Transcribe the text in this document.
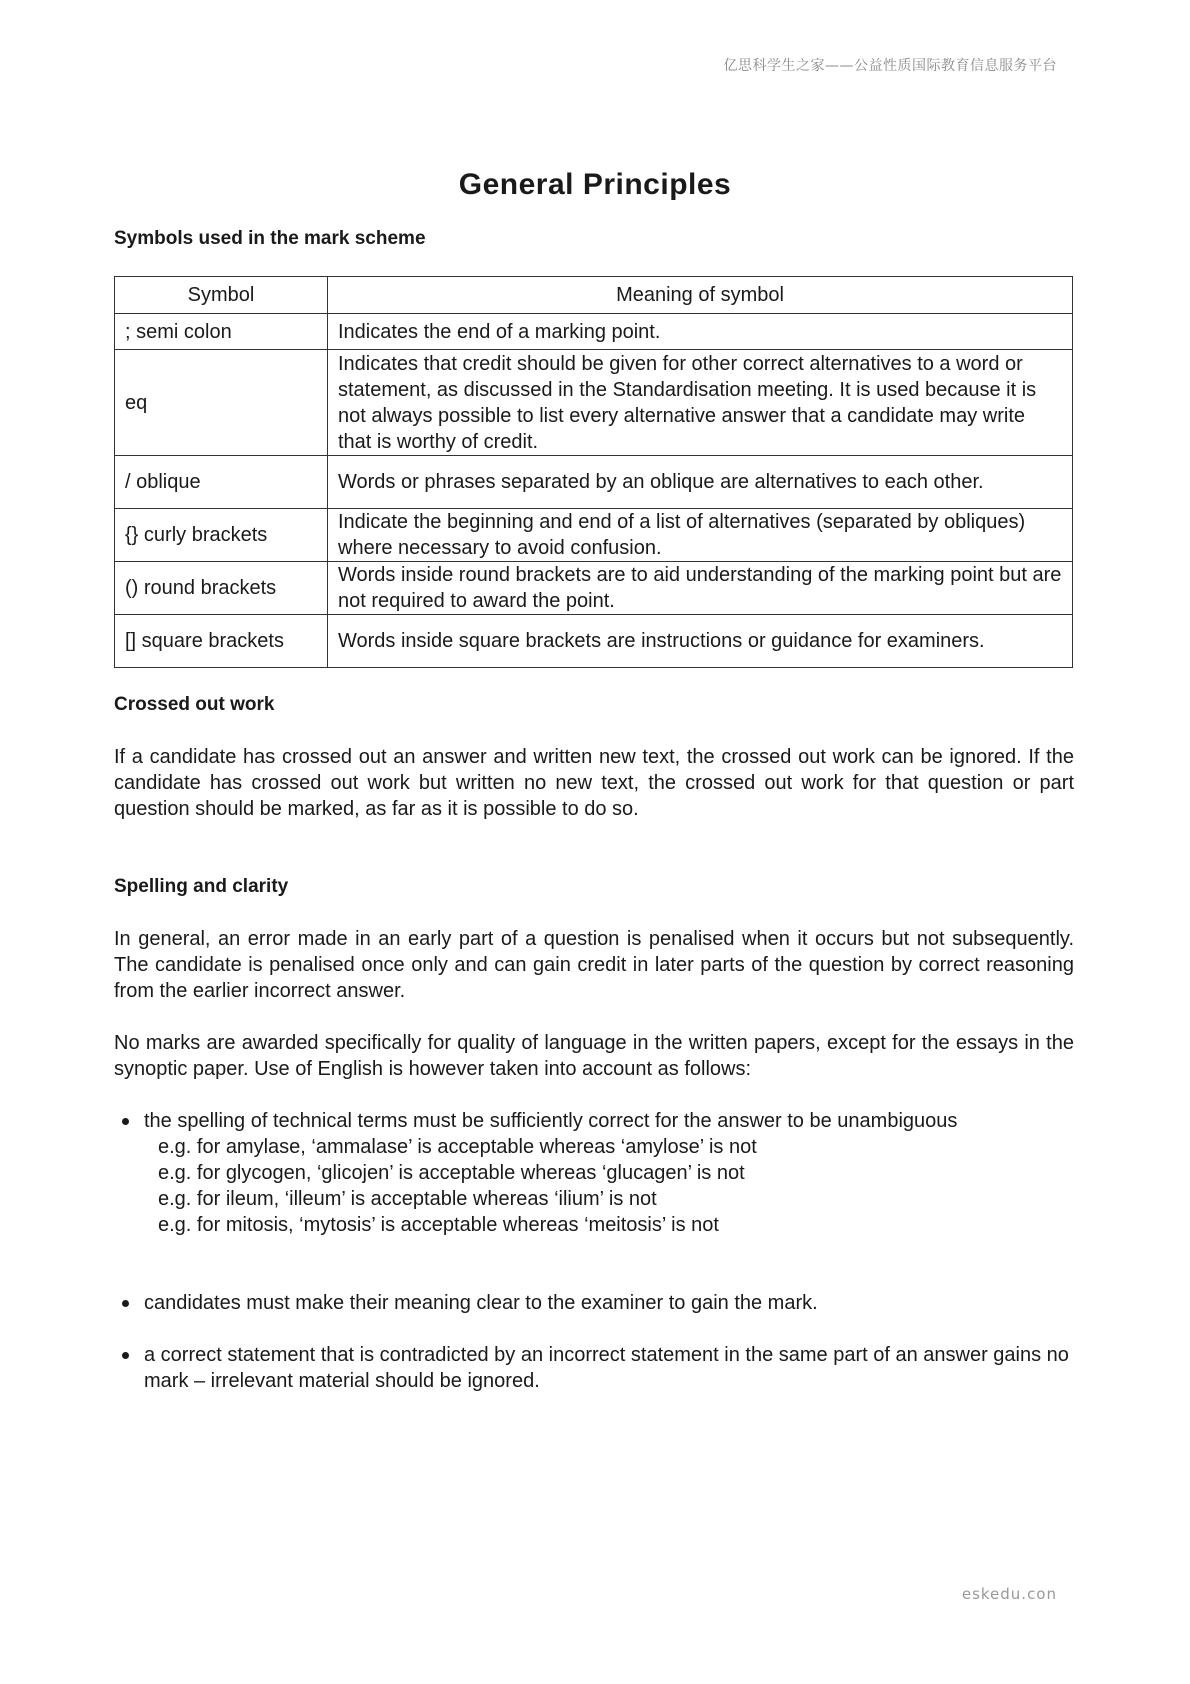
亿思科学生之家——公益性质国际教育信息服务平台
General Principles
Symbols used in the mark scheme
Symbol	Meaning of symbol
; semi colon	Indicates the end of a marking point.
eq	Indicates that credit should be given for other correct alternatives to a word or statement, as discussed in the Standardisation meeting. It is used because it is not always possible to list every alternative answer that a candidate may write that is worthy of credit.
/ oblique	Words or phrases separated by an oblique are alternatives to each other.
{} curly brackets	Indicate the beginning and end of a list of alternatives (separated by obliques) where necessary to avoid confusion.
() round brackets	Words inside round brackets are to aid understanding of the marking point but are not required to award the point.
[] square brackets	Words inside square brackets are instructions or guidance for examiners.
Crossed out work

If a candidate has crossed out an answer and written new text, the crossed out work can be ignored. If the candidate has crossed out work but written no new text, the crossed out work for that question or part question should be marked, as far as it is possible to do so.

Spelling and clarity

In general, an error made in an early part of a question is penalised when it occurs but not subsequently. The candidate is penalised once only and can gain credit in later parts of the question by correct reasoning from the earlier incorrect answer.

No marks are awarded specifically for quality of language in the written papers, except for the essays in the synoptic paper. Use of English is however taken into account as follows:

the spelling of technical terms must be sufficiently correct for the answer to be unambiguous
e.g. for amylase, ‘ammalase’ is acceptable whereas ‘amylose’ is not
e.g. for glycogen, ‘glicojen’ is acceptable whereas ‘glucagen’ is not
e.g. for ileum, ‘illeum’ is acceptable whereas ‘ilium’ is not
e.g. for mitosis, ‘mytosis’ is acceptable whereas ‘meitosis’ is not
candidates must make their meaning clear to the examiner to gain the mark.
a correct statement that is contradicted by an incorrect statement in the same part of an answer gains no mark – irrelevant material should be ignored.
eskedu.con
